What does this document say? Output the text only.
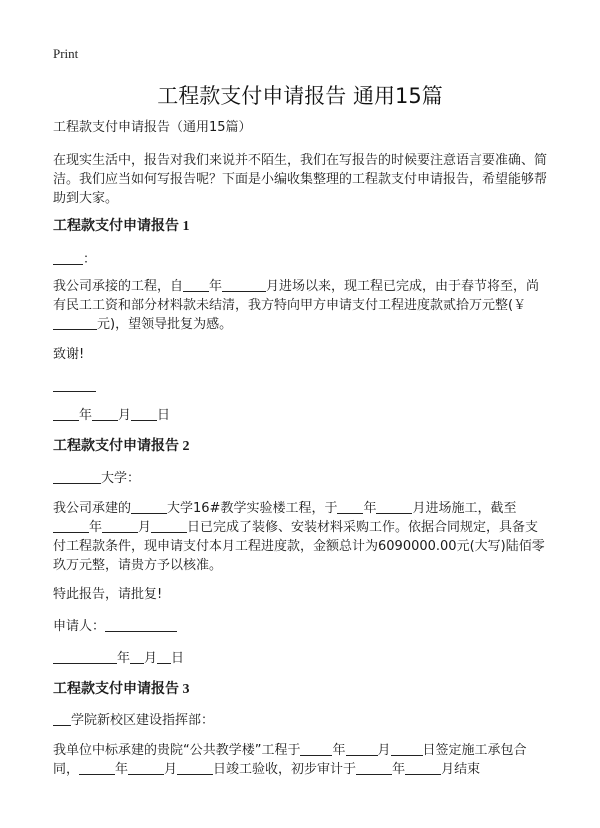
Print
工程款支付申请报告 通用15篇

工程款支付申请报告（通用15篇）

在现实生活中，报告对我们来说并不陌生，我们在写报告的时候要注意语言要准确、简洁。我们应当如何写报告呢？下面是小编收集整理的工程款支付申请报告，希望能够帮助到大家。

工程款支付申请报告 1

：

我公司承接的工程，自 年	月进场以来，现工程已完成，由于春节将至，尚有民工工资和部分材料款未结清，我方特向甲方申请支付工程进度款贰拾万元整(￥元)，望领导批复为感。

致谢!

年 月 日

工程款支付申请报告 2

大学：

我公司承建的	大学16#教学实验楼工程，于 年	月进场施工，截至年	月	日已完成了装修、安装材料采购工作。依据合同规定，具备支付工程款条件，现申请支付本月工程进度款，金额总计为6090000.00元(大写)陆佰零玖万元整，请贵方予以核准。

特此报告，请批复!

申请人：

年 月 日

工程款支付申请报告 3

学院新校区建设指挥部：

我单位中标承建的贵院“公共教学楼”工程于 年 月 日签定施工承包合同，	年	月	日竣工验收，初步审计于	年	月结束
